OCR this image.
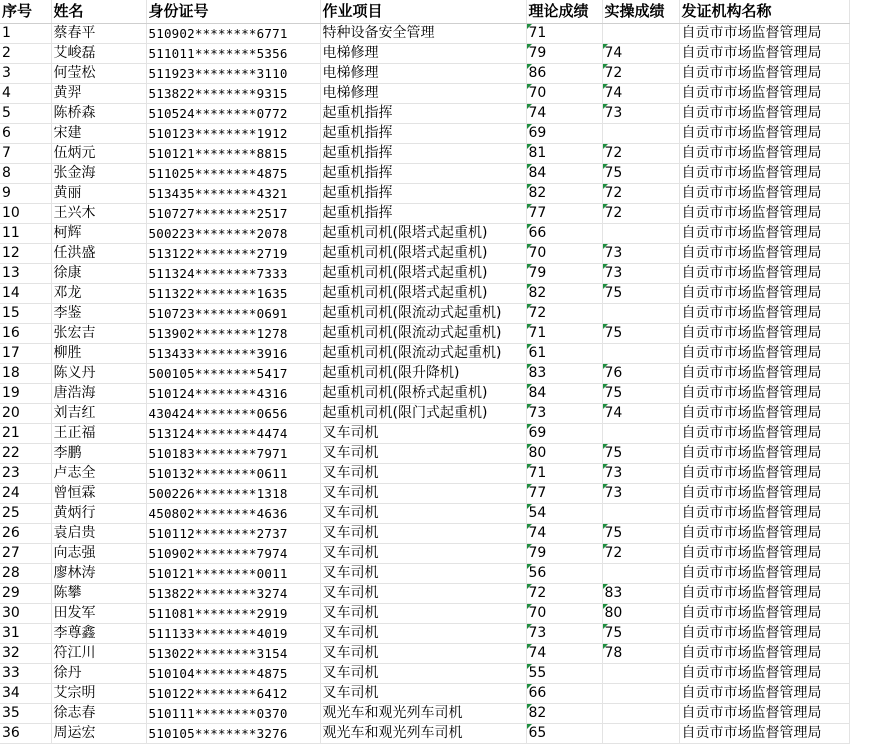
序号	姓名	身份证号	作业项目	理论成绩	实操成绩	发证机构名称
1	蔡春平	510902********6771	特种设备安全管理	71		自贡市市场监督管理局
2	艾峻磊	511011********5356	电梯修理	79	74	自贡市市场监督管理局
3	何莹松	511923********3110	电梯修理	86	72	自贡市市场监督管理局
4	黄羿	513822********9315	电梯修理	70	74	自贡市市场监督管理局
5	陈桥森	510524********0772	起重机指挥	74	73	自贡市市场监督管理局
6	宋建	510123********1912	起重机指挥	69		自贡市市场监督管理局
7	伍炳元	510121********8815	起重机指挥	81	72	自贡市市场监督管理局
8	张金海	511025********4875	起重机指挥	84	75	自贡市市场监督管理局
9	黄丽	513435********4321	起重机指挥	82	72	自贡市市场监督管理局
10	王兴木	510727********2517	起重机指挥	77	72	自贡市市场监督管理局
11	柯辉	500223********2078	起重机司机(限塔式起重机)	66		自贡市市场监督管理局
12	任洪盛	513122********2719	起重机司机(限塔式起重机)	70	73	自贡市市场监督管理局
13	徐康	511324********7333	起重机司机(限塔式起重机)	79	73	自贡市市场监督管理局
14	邓龙	511322********1635	起重机司机(限塔式起重机)	82	75	自贡市市场监督管理局
15	李鉴	510723********0691	起重机司机(限流动式起重机)	72		自贡市市场监督管理局
16	张宏吉	513902********1278	起重机司机(限流动式起重机)	71	75	自贡市市场监督管理局
17	柳胜	513433********3916	起重机司机(限流动式起重机)	61		自贡市市场监督管理局
18	陈义丹	500105********5417	起重机司机(限升降机)	83	76	自贡市市场监督管理局
19	唐浩海	510124********4316	起重机司机(限桥式起重机)	84	75	自贡市市场监督管理局
20	刘吉红	430424********0656	起重机司机(限门式起重机)	73	74	自贡市市场监督管理局
21	王正福	513124********4474	叉车司机	69		自贡市市场监督管理局
22	李鹏	510183********7971	叉车司机	80	75	自贡市市场监督管理局
23	卢志全	510132********0611	叉车司机	71	73	自贡市市场监督管理局
24	曾恒霖	500226********1318	叉车司机	77	73	自贡市市场监督管理局
25	黄炳行	450802********4636	叉车司机	54		自贡市市场监督管理局
26	袁启贵	510112********2737	叉车司机	74	75	自贡市市场监督管理局
27	向志强	510902********7974	叉车司机	79	72	自贡市市场监督管理局
28	廖林涛	510121********0011	叉车司机	56		自贡市市场监督管理局
29	陈攀	513822********3274	叉车司机	72	83	自贡市市场监督管理局
30	田发军	511081********2919	叉车司机	70	80	自贡市市场监督管理局
31	李尊鑫	511133********4019	叉车司机	73	75	自贡市市场监督管理局
32	符江川	513022********3154	叉车司机	74	78	自贡市市场监督管理局
33	徐丹	510104********4875	叉车司机	55		自贡市市场监督管理局
34	艾宗明	510122********6412	叉车司机	66		自贡市市场监督管理局
35	徐志春	510111********0370	观光车和观光列车司机	82		自贡市市场监督管理局
36	周运宏	510105********3276	观光车和观光列车司机	65		自贡市市场监督管理局
